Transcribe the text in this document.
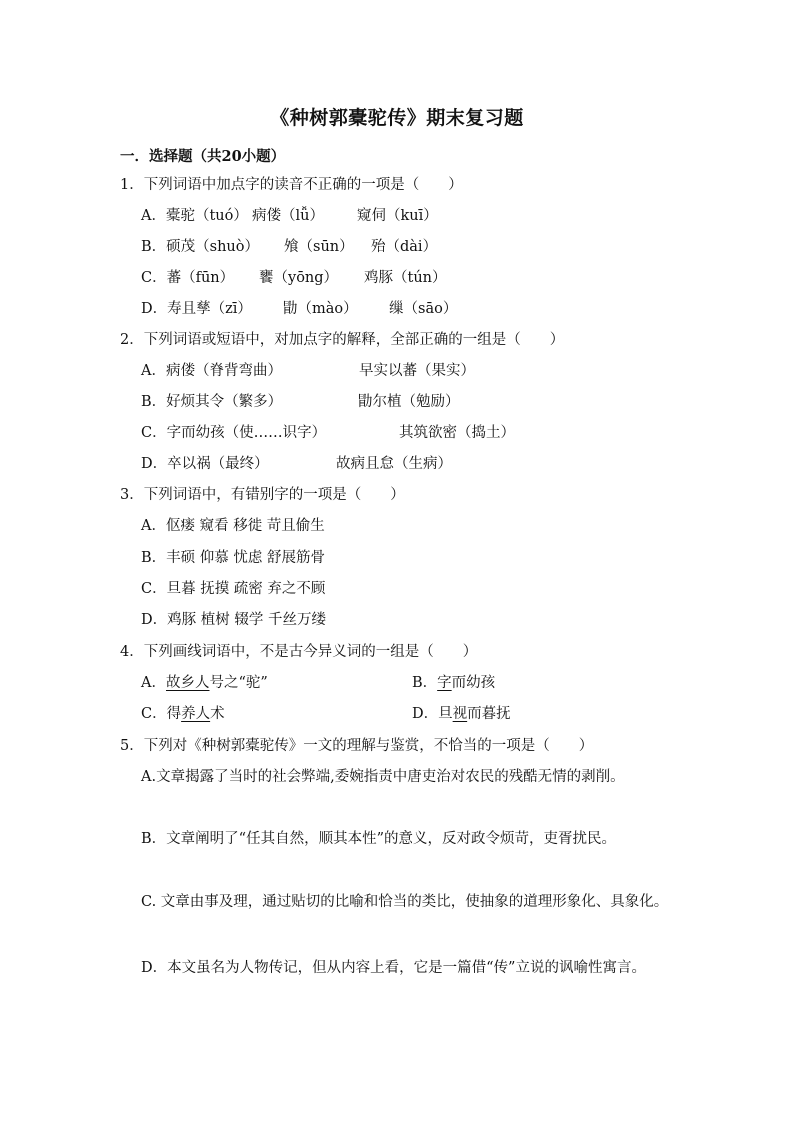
《种树郭橐驼传》期末复习题
一．选择题（共20小题）
1．下列词语中加点字的读音不正确的一项是（　　）
A．橐驼（tuó） 病偻（lǚ） 窥伺（kuī）
B．硕茂（shuò） 飧（sūn） 殆（dài）
C．蕃（fūn） 饔（yōng） 鸡豚（tún）
D．寿且孳（zī） 勖（mào） 缫（sāo）
2．下列词语或短语中，对加点字的解释，全部正确的一组是（　　）
A．病偻（脊背弯曲）	早实以蕃（果实）
B．好烦其令（繁多）	勖尔植（勉励）
C．字而幼孩（使……识字）	其筑欲密（捣土）
D．卒以祸（最终）	故病且怠（生病）
3．下列词语中，有错别字的一项是（　　）
A．伛瘘 窥看 移徙 苛且偷生
B．丰硕 仰慕 忧虑 舒展筋骨
C．旦暮 抚摸 疏密 弃之不顾
D．鸡豚 植树 辍学 千丝万缕
4．下列画线词语中，不是古今异义词的一组是（　　）
A．故乡人号之“驼”	B．字而幼孩
C．得养人术	D．旦视而暮抚
5．下列对《种树郭橐驼传》一文的理解与鉴赏，不恰当的一项是（　　）
A.文章揭露了当时的社会弊端,委婉指责中唐吏治对农民的残酷无情的剥削。
B．文章阐明了“任其自然，顺其本性”的意义，反对政令烦苛，吏胥扰民。
C. 文章由事及理，通过贴切的比喻和恰当的类比，使抽象的道理形象化、具象化。
D．本文虽名为人物传记，但从内容上看，它是一篇借“传”立说的讽喻性寓言。
